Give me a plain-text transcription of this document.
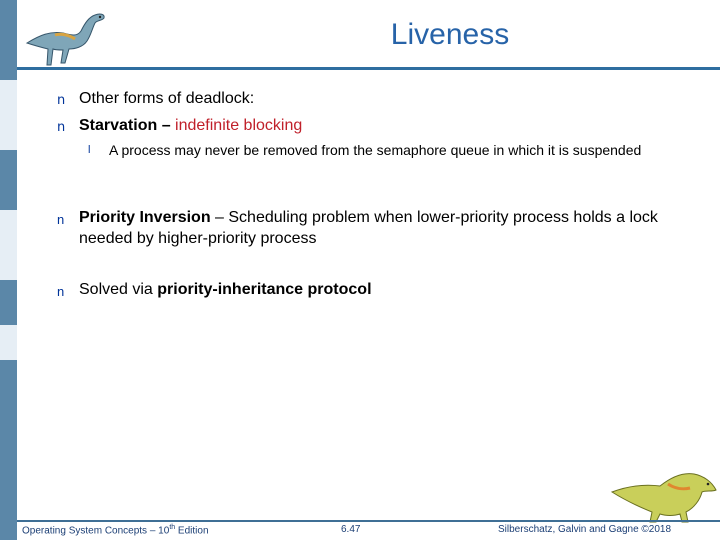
Liveness
n Other forms of deadlock:
n Starvation – indefinite blocking
l A process may never be removed from the semaphore queue in which it is suspended
n Priority Inversion – Scheduling problem when lower-priority process holds a lock needed by higher-priority process
n Solved via priority-inheritance protocol
Operating System Concepts – 10th Edition	6.47	Silberschatz, Galvin and Gagne ©2018
